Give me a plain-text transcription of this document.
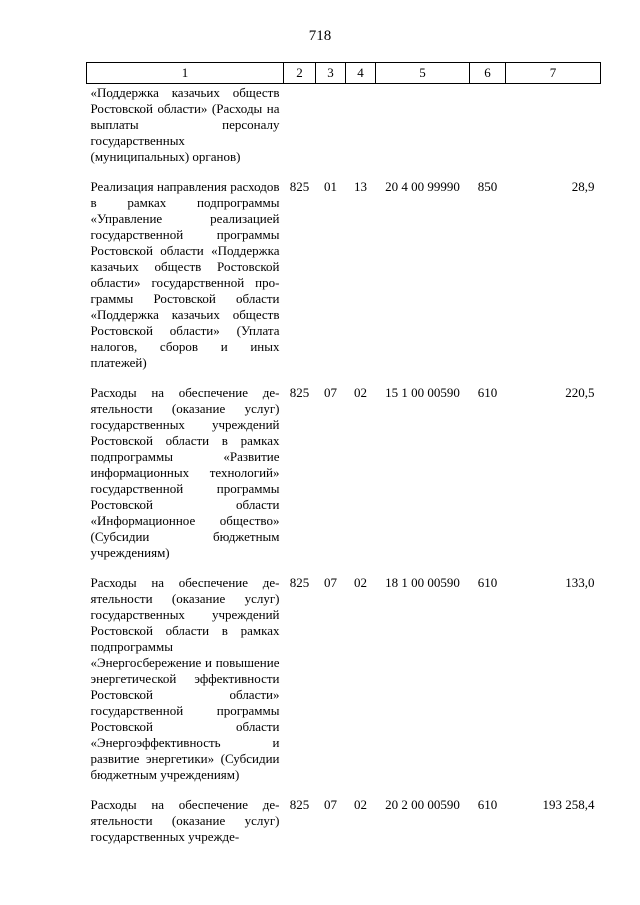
718
1	2	3	4	5	6	7
«Поддержка казачьих обществ Ростовской области» (Расходы на выплаты персоналу государственных (муниципальных) органов)						
Реализация направления расходов в рамках подпрограммы «Управление реализацией государственной программы Ростовской области «Поддержка казачьих обществ Ростовской области» государственной программы Ростовской области «Поддержка казачьих обществ Ростовской области» (Уплата налогов, сборов и иных платежей)	825	01	13	20 4 00 99990	850	28,9
Расходы на обеспечение деятельности (оказание услуг) государственных учреждений Ростовской области в рамках подпрограммы «Развитие информационных технологий» государственной программы Ростовской области «Информационное общество» (Субсидии бюджетным учреждениям)	825	07	02	15 1 00 00590	610	220,5
Расходы на обеспечение деятельности (оказание услуг) государственных учреждений Ростовской области в рамках подпрограммы «Энергосбережение и повышение энергетической эффективности Ростовской области» государственной программы Ростовской области «Энергоэффективность и развитие энергетики» (Субсидии бюджетным учреждениям)	825	07	02	18 1 00 00590	610	133,0
Расходы на обеспечение деятельности (оказание услуг) государственных учрежде-	825	07	02	20 2 00 00590	610	193 258,4
